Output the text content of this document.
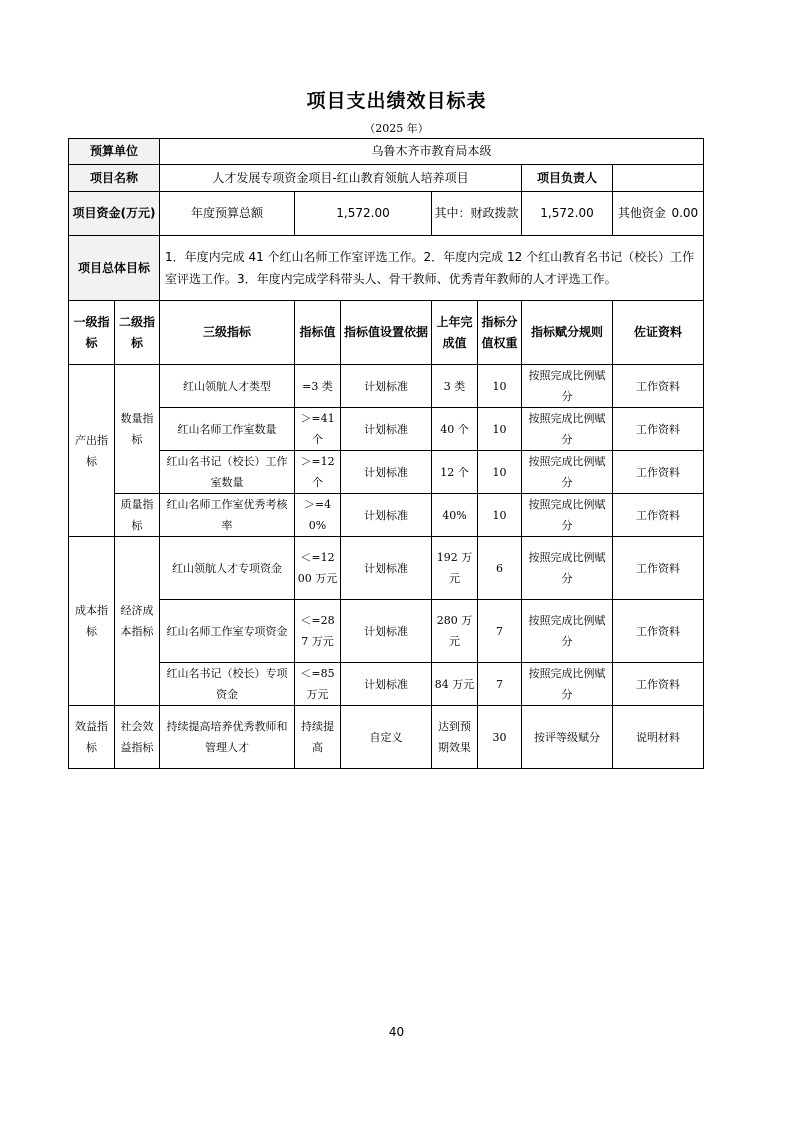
项目支出绩效目标表
（2025 年）
预算单位		乌鲁木齐市教育局本级						
项目名称		人才发展专项资金项目-红山教育领航人培养项目					项目负责人	
项目资金(万元)		年度预算总额	1,572.00		其中：财政拨款		1,572.00	其他资金 0.00

项目总体目标		1．年度内完成 41 个红山名师工作室评选工作。2．年度内完成 12 个红山教育名书记（校长）工作室评选工作。3．年度内完成学科带头人、骨干教师、优秀青年教师的人才评选工作。						
一级指标	二级指标	三级指标	指标值	指标值设置依据	上年完成值	指标分值权重	指标赋分规则	佐证资料
产出指标	数量指标	红山领航人才类型	=3 类	计划标准	3 类	10	按照完成比例赋分	工作资料
		红山名师工作室数量	＞=41 个	计划标准	40 个	10	按照完成比例赋分	工作资料
		红山名书记（校长）工作室数量	＞=12 个	计划标准	12 个	10	按照完成比例赋分	工作资料
	质量指标	红山名师工作室优秀考核率	＞=40%	计划标准	40%	10	按照完成比例赋分	工作资料
成本指标	经济成本指标	红山领航人才专项资金	＜=1200 万元	计划标准	192 万元	6	按照完成比例赋分	工作资料
		红山名师工作室专项资金	＜=287 万元	计划标准	280 万元	7	按照完成比例赋分	工作资料
		红山名书记（校长）专项资金	＜=85 万元	计划标准	84 万元	7	按照完成比例赋分	工作资料
效益指标	社会效益指标	持续提高培养优秀教师和管理人才	持续提高	自定义	达到预期效果	30	按评等级赋分	说明材料
40
